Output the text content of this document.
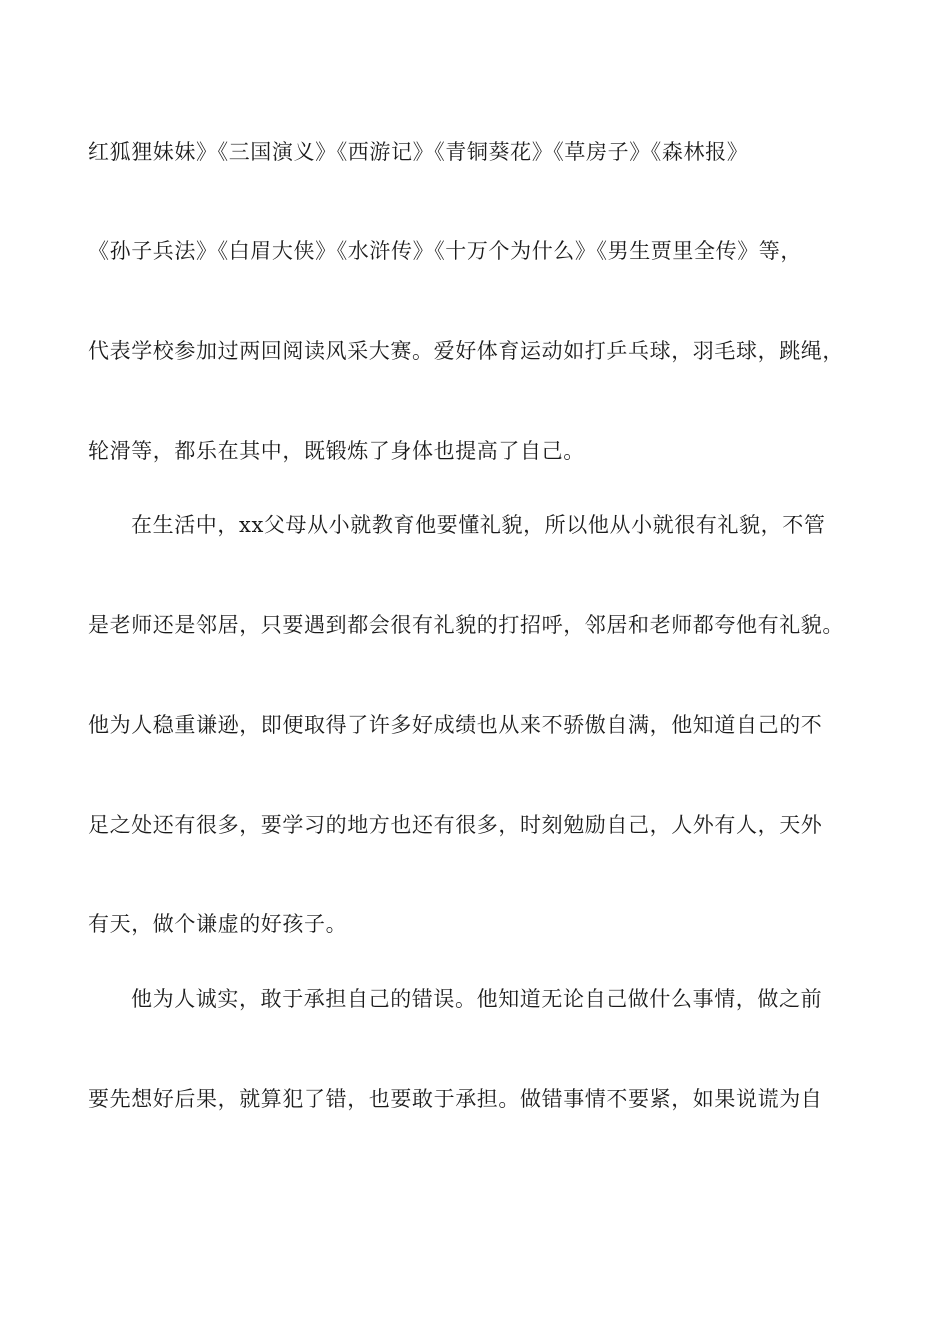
红狐狸妹妹》《三国演义》《西游记》《青铜葵花》《草房子》《森林报》
《孙子兵法》《白眉大侠》《水浒传》《十万个为什么》《男生贾里全传》等，
代表学校参加过两回阅读风采大赛。爱好体育运动如打乒乓球，羽毛球，跳绳，
轮滑等，都乐在其中，既锻炼了身体也提高了自己。
在生活中，xx父母从小就教育他要懂礼貌，所以他从小就很有礼貌，不管
是老师还是邻居，只要遇到都会很有礼貌的打招呼，邻居和老师都夸他有礼貌。
他为人稳重谦逊，即便取得了许多好成绩也从来不骄傲自满，他知道自己的不
足之处还有很多，要学习的地方也还有很多，时刻勉励自己，人外有人，天外
有天，做个谦虚的好孩子。
他为人诚实，敢于承担自己的错误。他知道无论自己做什么事情，做之前
要先想好后果，就算犯了错，也要敢于承担。做错事情不要紧，如果说谎为自
